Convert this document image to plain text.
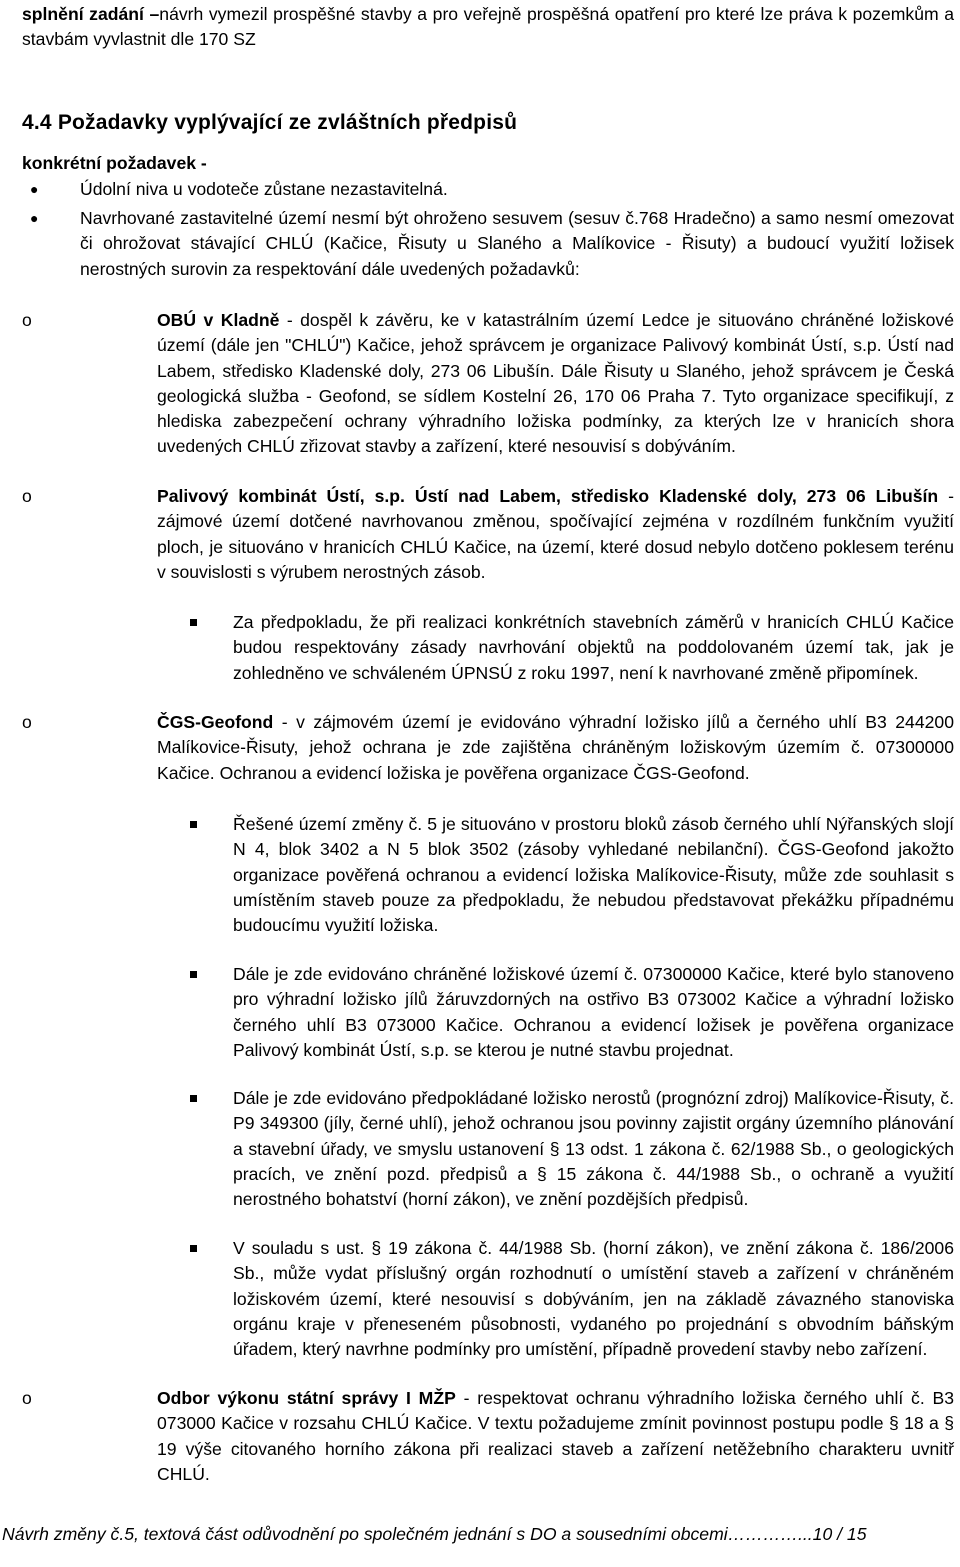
splnění zadání –návrh vymezil prospěšné stavby a pro veřejně prospěšná opatření pro které lze práva k pozemkům a stavbám vyvlastnit dle 170 SZ
4.4 Požadavky vyplývající ze zvláštních předpisů
konkrétní požadavek -
● Údolní niva u vodoteče zůstane nezastavitelná.
● Navrhované zastavitelné území nesmí být ohroženo sesuvem (sesuv č.768 Hradečno) a samo nesmí omezovat či ohrožovat stávající CHLÚ (Kačice, Řisuty u Slaného a Malíkovice - Řisuty) a budoucí využití ložisek nerostných surovin za respektování dále uvedených požadavků:
o	OBÚ v Kladně - dospěl k závěru, ke v katastrálním území Ledce je situováno chráněné ložiskové území (dále jen "CHLÚ") Kačice, jehož správcem je organizace Palivový kombinát Ústí, s.p. Ústí nad Labem, středisko Kladenské doly, 273 06 Libušín. Dále Řisuty u Slaného, jehož správcem je Česká geologická služba - Geofond, se sídlem Kostelní 26, 170 06 Praha 7. Tyto organizace specifikují, z hlediska zabezpečení ochrany výhradního ložiska podmínky, za kterých lze v hranicích shora uvedených CHLÚ zřizovat stavby a zařízení, které nesouvisí s dobýváním.
o	Palivový kombinát Ústí, s.p. Ústí nad Labem, středisko Kladenské doly, 273 06 Libušín - zájmové území dotčené navrhovanou změnou, spočívající zejména v rozdílném funkčním využití ploch, je situováno v hranicích CHLÚ Kačice, na území, které dosud nebylo dotčeno poklesem terénu v souvislosti s výrubem nerostných zásob.
Za předpokladu, že při realizaci konkrétních stavebních záměrů v hranicích CHLÚ Kačice budou respektovány zásady navrhování objektů na poddolovaném území tak, jak je zohledněno ve schváleném ÚPNSÚ z roku 1997, není k navrhované změně připomínek.
o	ČGS-Geofond - v zájmovém území je evidováno výhradní ložisko jílů a černého uhlí B3 244200 Malíkovice-Řisuty, jehož ochrana je zde zajištěna chráněným ložiskovým územím č. 07300000 Kačice. Ochranou a evidencí ložiska je pověřena organizace ČGS-Geofond.
Řešené území změny č. 5 je situováno v prostoru bloků zásob černého uhlí Nýřanských slojí N 4, blok 3402 a N 5 blok 3502 (zásoby vyhledané nebilanční). ČGS-Geofond jakožto organizace pověřená ochranou a evidencí ložiska Malíkovice-Řisuty, může zde souhlasit s umístěním staveb pouze za předpokladu, že nebudou představovat překážku případnému budoucímu využití ložiska.
Dále je zde evidováno chráněné ložiskové území č. 07300000 Kačice, které bylo stanoveno pro výhradní ložisko jílů žáruvzdorných na ostřivo B3 073002 Kačice a výhradní ložisko černého uhlí B3 073000 Kačice. Ochranou a evidencí ložisek je pověřena organizace Palivový kombinát Ústí, s.p. se kterou je nutné stavbu projednat.
Dále je zde evidováno předpokládané ložisko nerostů (prognózní zdroj) Malíkovice-Řisuty, č. P9 349300 (jíly, černé uhlí), jehož ochranou jsou povinny zajistit orgány územního plánování a stavební úřady, ve smyslu ustanovení § 13 odst. 1 zákona č. 62/1988 Sb., o geologických pracích, ve znění pozd. předpisů a § 15 zákona č. 44/1988 Sb., o ochraně a využití nerostného bohatství (horní zákon), ve znění pozdějších předpisů.
V souladu s ust. § 19 zákona č. 44/1988 Sb. (horní zákon), ve znění zákona č. 186/2006 Sb., může vydat příslušný orgán rozhodnutí o umístění staveb a zařízení v chráněném ložiskovém území, které nesouvisí s dobýváním, jen na základě závazného stanoviska orgánu kraje v přeneseném působnosti, vydaného po projednání s obvodním báňským úřadem, který navrhne podmínky pro umístění, případně provedení stavby nebo zařízení.
o	Odbor výkonu státní správy I MŽP - respektovat ochranu výhradního ložiska černého uhlí č. B3 073000 Kačice v rozsahu CHLÚ Kačice. V textu požadujeme zmínit povinnost postupu podle § 18 a § 19 výše citovaného horního zákona při realizaci staveb a zařízení netěžebního charakteru uvnitř CHLÚ.
Návrh změny č.5, textová část odůvodnění po společném jednání s DO a sousedními obcemi…………...10 / 15
